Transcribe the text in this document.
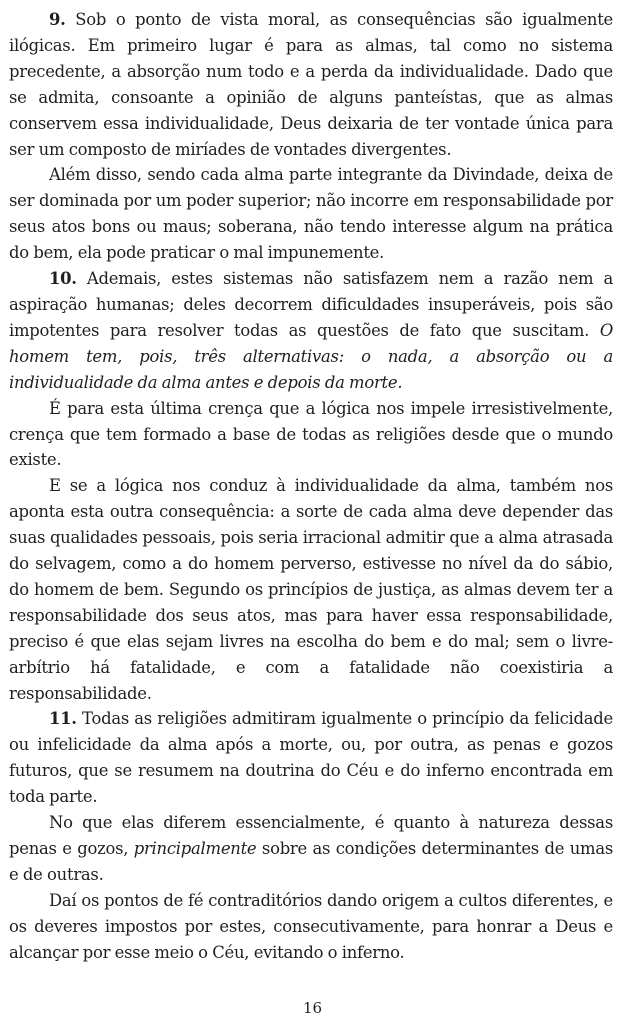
9. Sob o ponto de vista moral, as consequências são igualmente ilógicas. Em primeiro lugar é para as almas, tal como no sistema precedente, a absorção num todo e a perda da individualidade. Dado que se admita, consoante a opinião de alguns panteístas, que as almas conservem essa individualidade, Deus deixaria de ter vontade única para ser um composto de miríades de vontades divergentes.

Além disso, sendo cada alma parte integrante da Divindade, deixa de ser dominada por um poder superior; não incorre em responsabilidade por seus atos bons ou maus; soberana, não tendo interesse algum na prática do bem, ela pode praticar o mal impunemente.

10. Ademais, estes sistemas não satisfazem nem a razão nem a aspiração humanas; deles decorrem dificuldades insuperáveis, pois são impotentes para resolver todas as questões de fato que suscitam. O homem tem, pois, três alternativas: o nada, a absorção ou a individualidade da alma antes e depois da morte.

É para esta última crença que a lógica nos impele irresistivelmente, crença que tem formado a base de todas as religiões desde que o mundo existe.

E se a lógica nos conduz à individualidade da alma, também nos aponta esta outra consequência: a sorte de cada alma deve depender das suas qualidades pessoais, pois seria irracional admitir que a alma atrasada do selvagem, como a do homem perverso, estivesse no nível da do sábio, do homem de bem. Segundo os princípios de justiça, as almas devem ter a responsabilidade dos seus atos, mas para haver essa responsabilidade, preciso é que elas sejam livres na escolha do bem e do mal; sem o livre-arbítrio há fatalidade, e com a fatalidade não coexistiria a responsabilidade.

11. Todas as religiões admitiram igualmente o princípio da felicidade ou infelicidade da alma após a morte, ou, por outra, as penas e gozos futuros, que se resumem na doutrina do Céu e do inferno encontrada em toda parte.

No que elas diferem essencialmente, é quanto à natureza dessas penas e gozos, principalmente sobre as condições determinantes de umas e de outras.

Daí os pontos de fé contraditórios dando origem a cultos diferentes, e os deveres impostos por estes, consecutivamente, para honrar a Deus e alcançar por esse meio o Céu, evitando o inferno.

16
